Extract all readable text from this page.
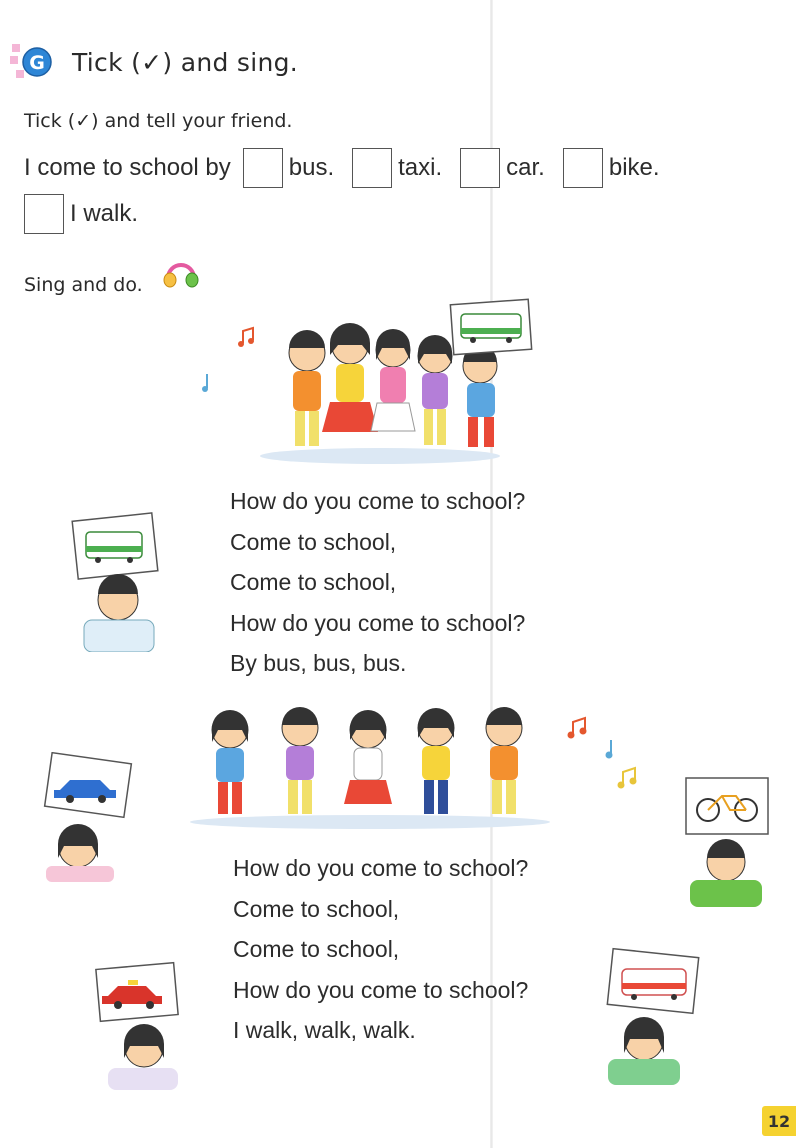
G Tick (✓) and sing.

Tick (✓) and tell your friend.

I come to school by bus.	taxi.	car.	bike.
I walk.

Sing and do.

How do you come to school?
Come to school,
Come to school,
How do you come to school?
By bus, bus, bus.
How do you come to school?
Come to school,
Come to school,
How do you come to school?
I walk, walk, walk.
12
